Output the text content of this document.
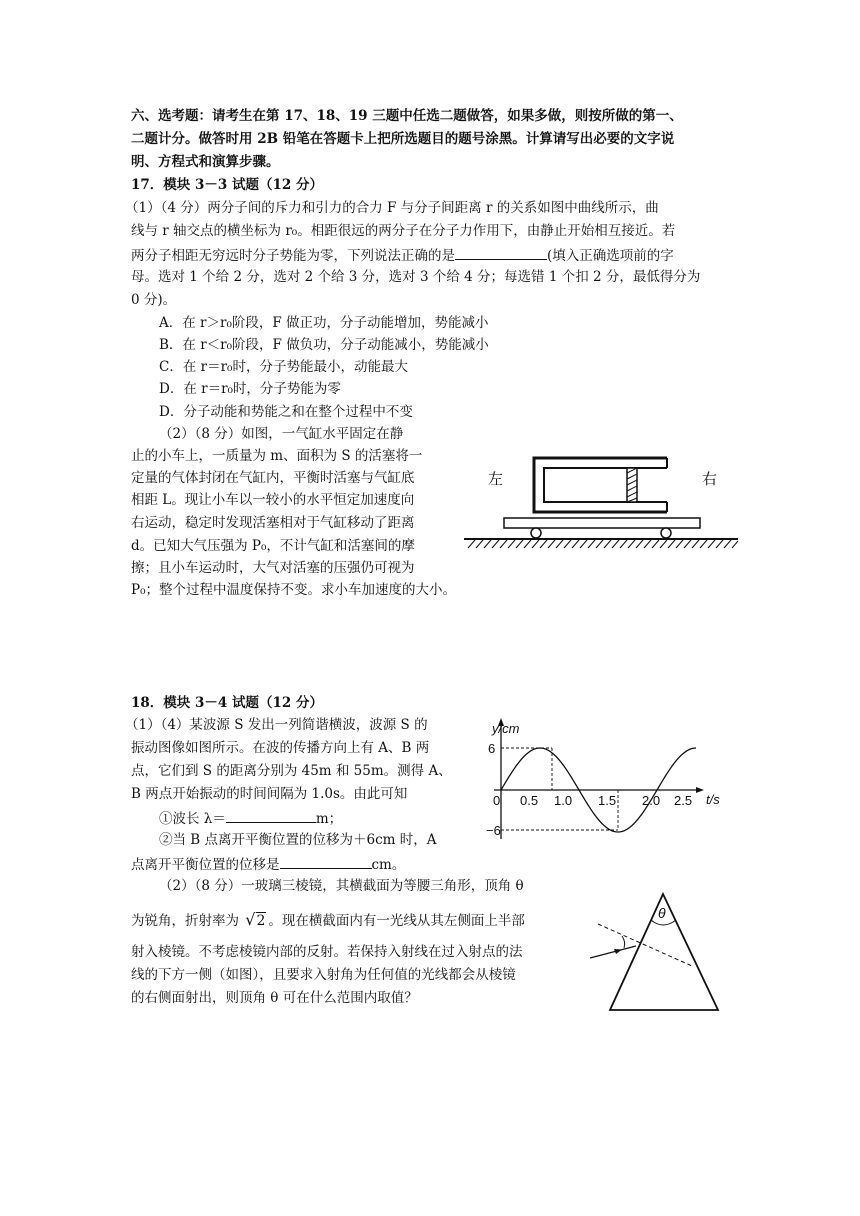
六、选考题：请考生在第 17、18、19 三题中任选二题做答，如果多做，则按所做的第一、
二题计分。做答时用 2B 铅笔在答题卡上把所选题目的题号涂黑。计算请写出必要的文字说
明、方程式和演算步骤。
17．模块 3－3 试题（12 分）
（1）（4 分）两分子间的斥力和引力的合力 F 与分子间距离 r 的关系如图中曲线所示，曲
线与 r 轴交点的横坐标为 r₀。相距很远的两分子在分子力作用下，由静止开始相互接近。若
两分子相距无穷远时分子势能为零，下列说法正确的是	(填入正确选项前的字
母。选对 1 个给 2 分，选对 2 个给 3 分，选对 3 个给 4 分；每选错 1 个扣 2 分，最低得分为
0 分)。
A．在 r＞r₀阶段，F 做正功，分子动能增加，势能减小
B．在 r＜r₀阶段，F 做负功，分子动能减小，势能减小
C．在 r＝r₀时，分子势能最小，动能最大
D．在 r＝r₀时，分子势能为零
D．分子动能和势能之和在整个过程中不变
（2）（8 分）如图，一气缸水平固定在静
止的小车上，一质量为 m、面积为 S 的活塞将一
定量的气体封闭在气缸内，平衡时活塞与气缸底
相距 L。现让小车以一较小的水平恒定加速度向
右运动，稳定时发现活塞相对于气缸移动了距离
d。已知大气压强为 P₀，不计气缸和活塞间的摩
擦；且小车运动时，大气对活塞的压强仍可视为
P₀；整个过程中温度保持不变。求小车加速度的大小。
左	右
18．模块 3－4 试题（12 分）
（1）（4）某波源 S 发出一列简谐横波，波源 S 的
振动图像如图所示。在波的传播方向上有 A、B 两
点，它们到 S 的距离分别为 45m 和 55m。测得 A、
B 两点开始振动的时间间隔为 1.0s。由此可知
①波长 λ＝	m；
②当 B 点离开平衡位置的位移为＋6cm 时，A
点离开平衡位置的位移是	cm。
y/cm
t/s
6
−6
0 0.5 1.0 1.5 2.0 2.5
（2）（8 分）一玻璃三棱镜，其横截面为等腰三角形，顶角 θ
为锐角，折射率为 √2 。现在横截面内有一光线从其左侧面上半部
射入棱镜。不考虑棱镜内部的反射。若保持入射线在过入射点的法
线的下方一侧（如图），且要求入射角为任何值的光线都会从棱镜
的右侧面射出，则顶角 θ 可在什么范围内取值？
θ
